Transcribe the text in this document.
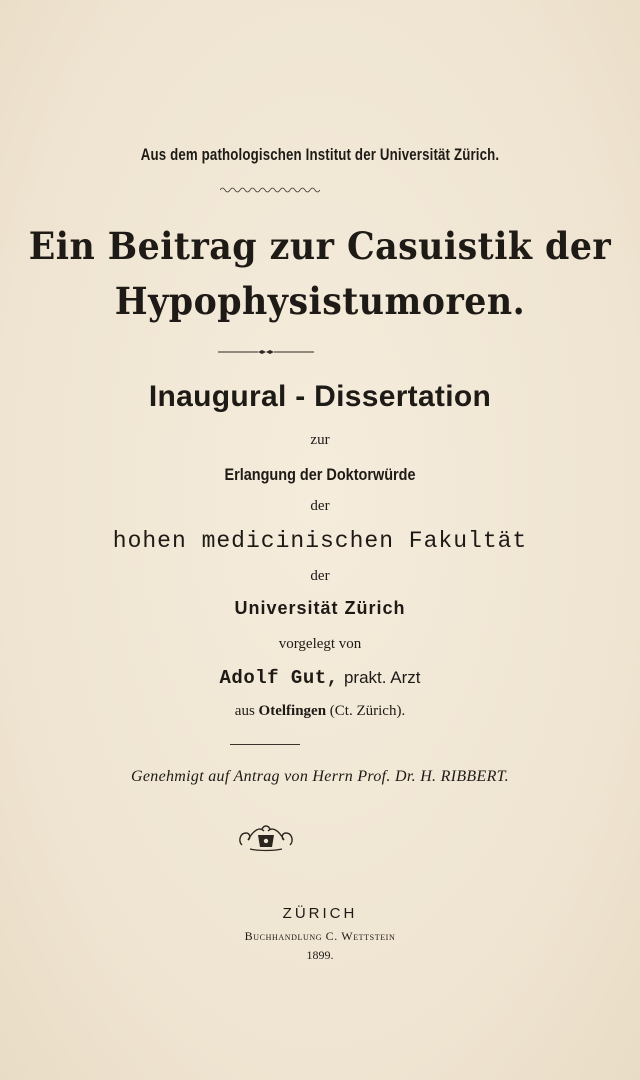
Aus dem pathologischen Institut der Universität Zürich.
Ein Beitrag zur Casuistik der
Hypophysistumoren.
Inaugural - Dissertation
zur
Erlangung der Doktorwürde
der
hohen medicinischen Fakultät
der
Universität Zürich
vorgelegt von
Adolf Gut, prakt. Arzt
aus Otelfingen (Ct. Zürich).
Genehmigt auf Antrag von Herrn Prof. Dr. H. RIBBERT.
ZÜRICH
Buchhandlung C. Wettstein
1899.
